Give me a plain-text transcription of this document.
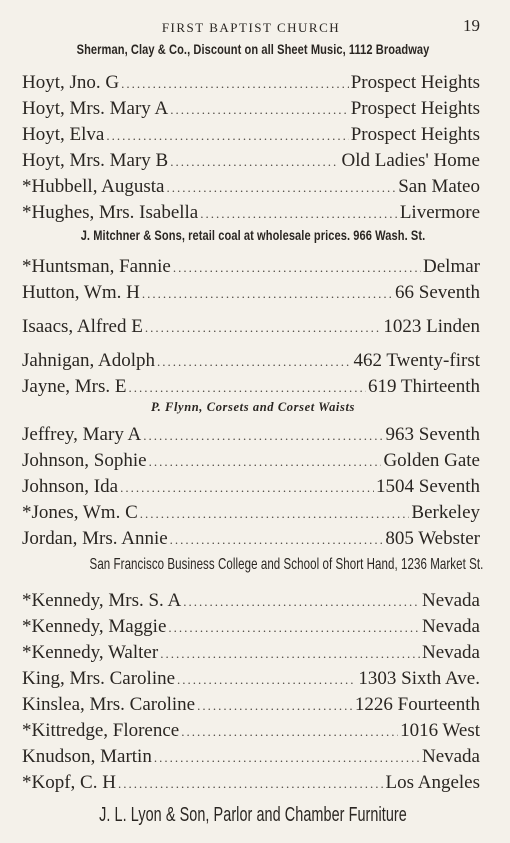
FIRST BAPTIST CHURCH	19
Sherman, Clay & Co., Discount on all Sheet Music, 1112 Broadway
Hoyt, Jno. G .....	Prospect Heights
Hoyt, Mrs. Mary A .....	Prospect Heights
Hoyt, Elva .....	Prospect Heights
Hoyt, Mrs. Mary B .....	Old Ladies' Home
*Hubbell, Augusta .....	San Mateo
*Hughes, Mrs. Isabella .....	Livermore
J. Mitchner & Sons, retail coal at wholesale prices. 966 Wash. St.
*Huntsman, Fannie .....	Delmar
Hutton, Wm. H .....	66 Seventh
Isaacs, Alfred E .....	1023 Linden
Jahnigan, Adolph .....	462 Twenty-first
Jayne, Mrs. E .....	619 Thirteenth
P. Flynn, Corsets and Corset Waists
Jeffrey, Mary A .....	963 Seventh
Johnson, Sophie .....	Golden Gate
Johnson, Ida .....	1504 Seventh
*Jones, Wm. C .....	Berkeley
Jordan, Mrs. Annie .....	805 Webster
San Francisco Business College and School of Short Hand, 1236 Market St.
*Kennedy, Mrs. S. A .....	Nevada
*Kennedy, Maggie .....	Nevada
*Kennedy, Walter .....	Nevada
King, Mrs. Caroline .....	1303 Sixth Ave.
Kinslea, Mrs. Caroline .....	1226 Fourteenth
*Kittredge, Florence .....	1016 West
Knudson, Martin .....	Nevada
*Kopf, C. H .....	Los Angeles
J. L. Lyon & Son, Parlor and Chamber Furniture
